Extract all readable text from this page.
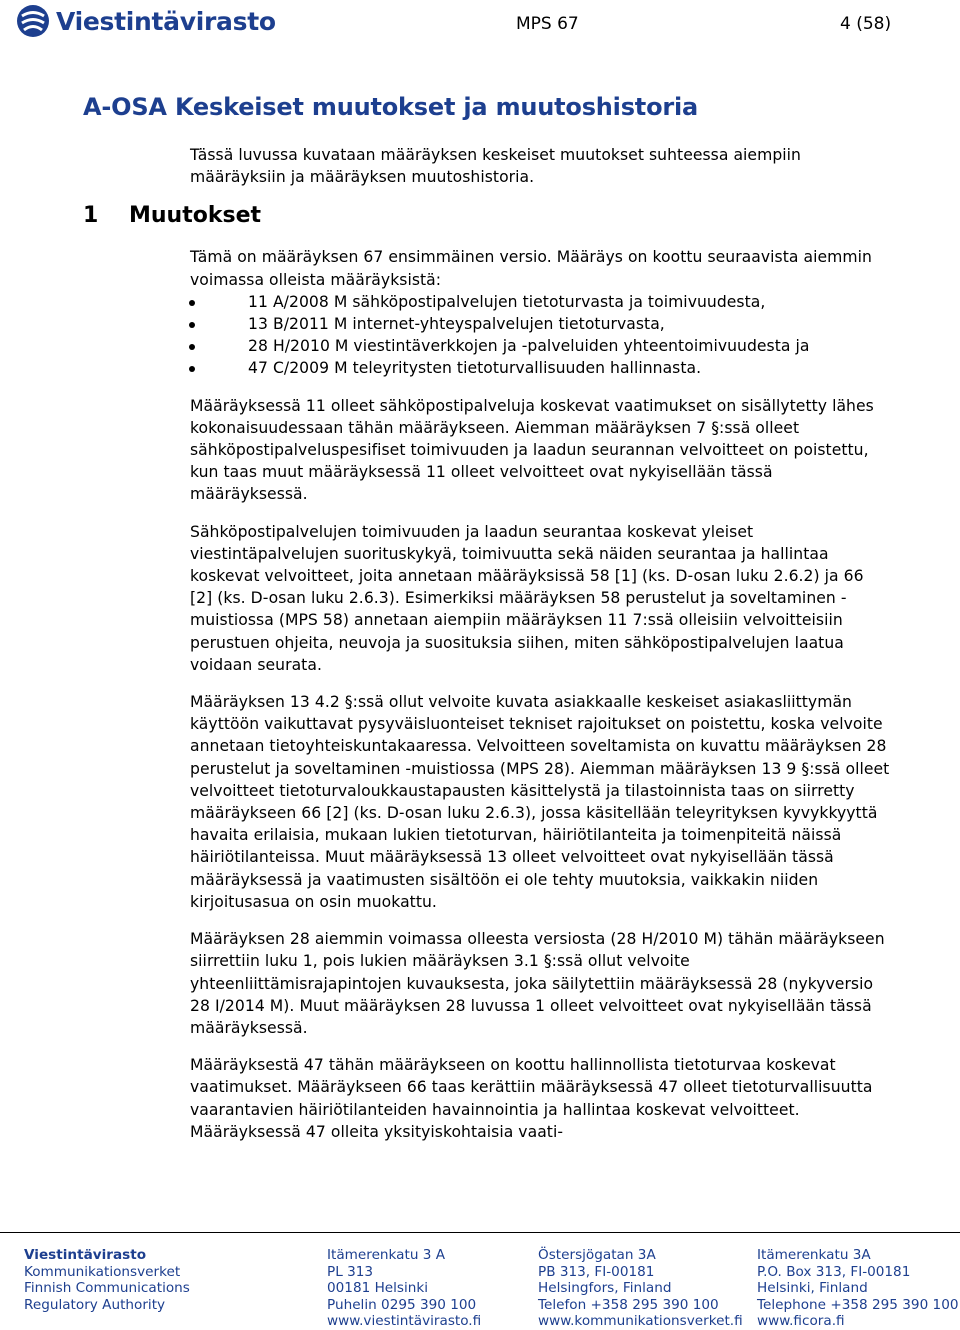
Viestintävirasto	MPS 67	4 (58)
A-OSA Keskeiset muutokset ja muutoshistoria
1 Muutokset

Tässä luvussa kuvataan määräyksen keskeiset muutokset suhteessa aiempiin määräyksiin ja määräyksen muutoshistoria.

Tämä on määräyksen 67 ensimmäinen versio. Määräys on koottu seuraavista aiemmin voimassa olleista määräyksistä:

11 A/2008 M sähköpostipalvelujen tietoturvasta ja toimivuudesta,
13 B/2011 M internet-yhteyspalvelujen tietoturvasta,
28 H/2010 M viestintäverkkojen ja -palveluiden yhteentoimivuudesta ja
47 C/2009 M teleyritysten tietoturvallisuuden hallinnasta.

Määräyksessä 11 olleet sähköpostipalveluja koskevat vaatimukset on sisällytetty lähes kokonaisuudessaan tähän määräykseen. Aiemman määräyksen 7 §:ssä olleet sähköpostipalveluspesifiset toimivuuden ja laadun seurannan velvoitteet on poistettu, kun taas muut määräyksessä 11 olleet velvoitteet ovat nykyisellään tässä määräyksessä.

Sähköpostipalvelujen toimivuuden ja laadun seurantaa koskevat yleiset viestintäpalvelujen suorituskykyä, toimivuutta sekä näiden seurantaa ja hallintaa koskevat velvoitteet, joita annetaan määräyksissä 58 [1] (ks. D-osan luku 2.6.2) ja 66 [2] (ks. D-osan luku 2.6.3). Esimerkiksi määräyksen 58 perustelut ja soveltaminen -muistiossa (MPS 58) annetaan aiempiin määräyksen 11 7:ssä olleisiin velvoitteisiin perustuen ohjeita, neuvoja ja suosituksia siihen, miten sähköpostipalvelujen laatua voidaan seurata.

Määräyksen 13 4.2 §:ssä ollut velvoite kuvata asiakkaalle keskeiset asiakasliittymän käyttöön vaikuttavat pysyväisluonteiset tekniset rajoitukset on poistettu, koska velvoite annetaan tietoyhteiskuntakaaressa. Velvoitteen soveltamista on kuvattu määräyksen 28 perustelut ja soveltaminen -muistiossa (MPS 28). Aiemman määräyksen 13 9 §:ssä olleet velvoitteet tietoturvaloukkaustapausten käsittelystä ja tilastoinnista taas on siirretty määräykseen 66 [2] (ks. D-osan luku 2.6.3), jossa käsitellään teleyrityksen kyvykkyyttä havaita erilaisia, mukaan lukien tietoturvan, häiriötilanteita ja toimenpiteitä näissä häiriötilanteissa. Muut määräyksessä 13 olleet velvoitteet ovat nykyisellään tässä määräyksessä ja vaatimusten sisältöön ei ole tehty muutoksia, vaikkakin niiden kirjoitusasua on osin muokattu.

Määräyksen 28 aiemmin voimassa olleesta versiosta (28 H/2010 M) tähän määräykseen siirrettiin luku 1, pois lukien määräyksen 3.1 §:ssä ollut velvoite yhteenliittämisrajapintojen kuvauksesta, joka säilytettiin määräyksessä 28 (nykyversio 28 I/2014 M). Muut määräyksen 28 luvussa 1 olleet velvoitteet ovat nykyisellään tässä määräyksessä.

Määräyksestä 47 tähän määräykseen on koottu hallinnollista tietoturvaa koskevat vaatimukset. Määräykseen 66 taas kerättiin määräyksessä 47 olleet tietoturvallisuutta vaarantavien häiriötilanteiden havainnointia ja hallintaa koskevat velvoitteet. Määräyksessä 47 olleita yksityiskohtaisia vaati-

Viestintävirasto
Kommunikationsverket
Finnish Communications
Regulatory Authority
Itämerenkatu 3 A
PL 313
00181 Helsinki
Puhelin 0295 390 100
www.viestintävirasto.fi
Östersjögatan 3A
PB 313, FI-00181
Helsingfors, Finland
Telefon +358 295 390 100
www.kommunikationsverket.fi
Itämerenkatu 3A
P.O. Box 313, FI-00181
Helsinki, Finland
Telephone +358 295 390 100
www.ficora.fi
